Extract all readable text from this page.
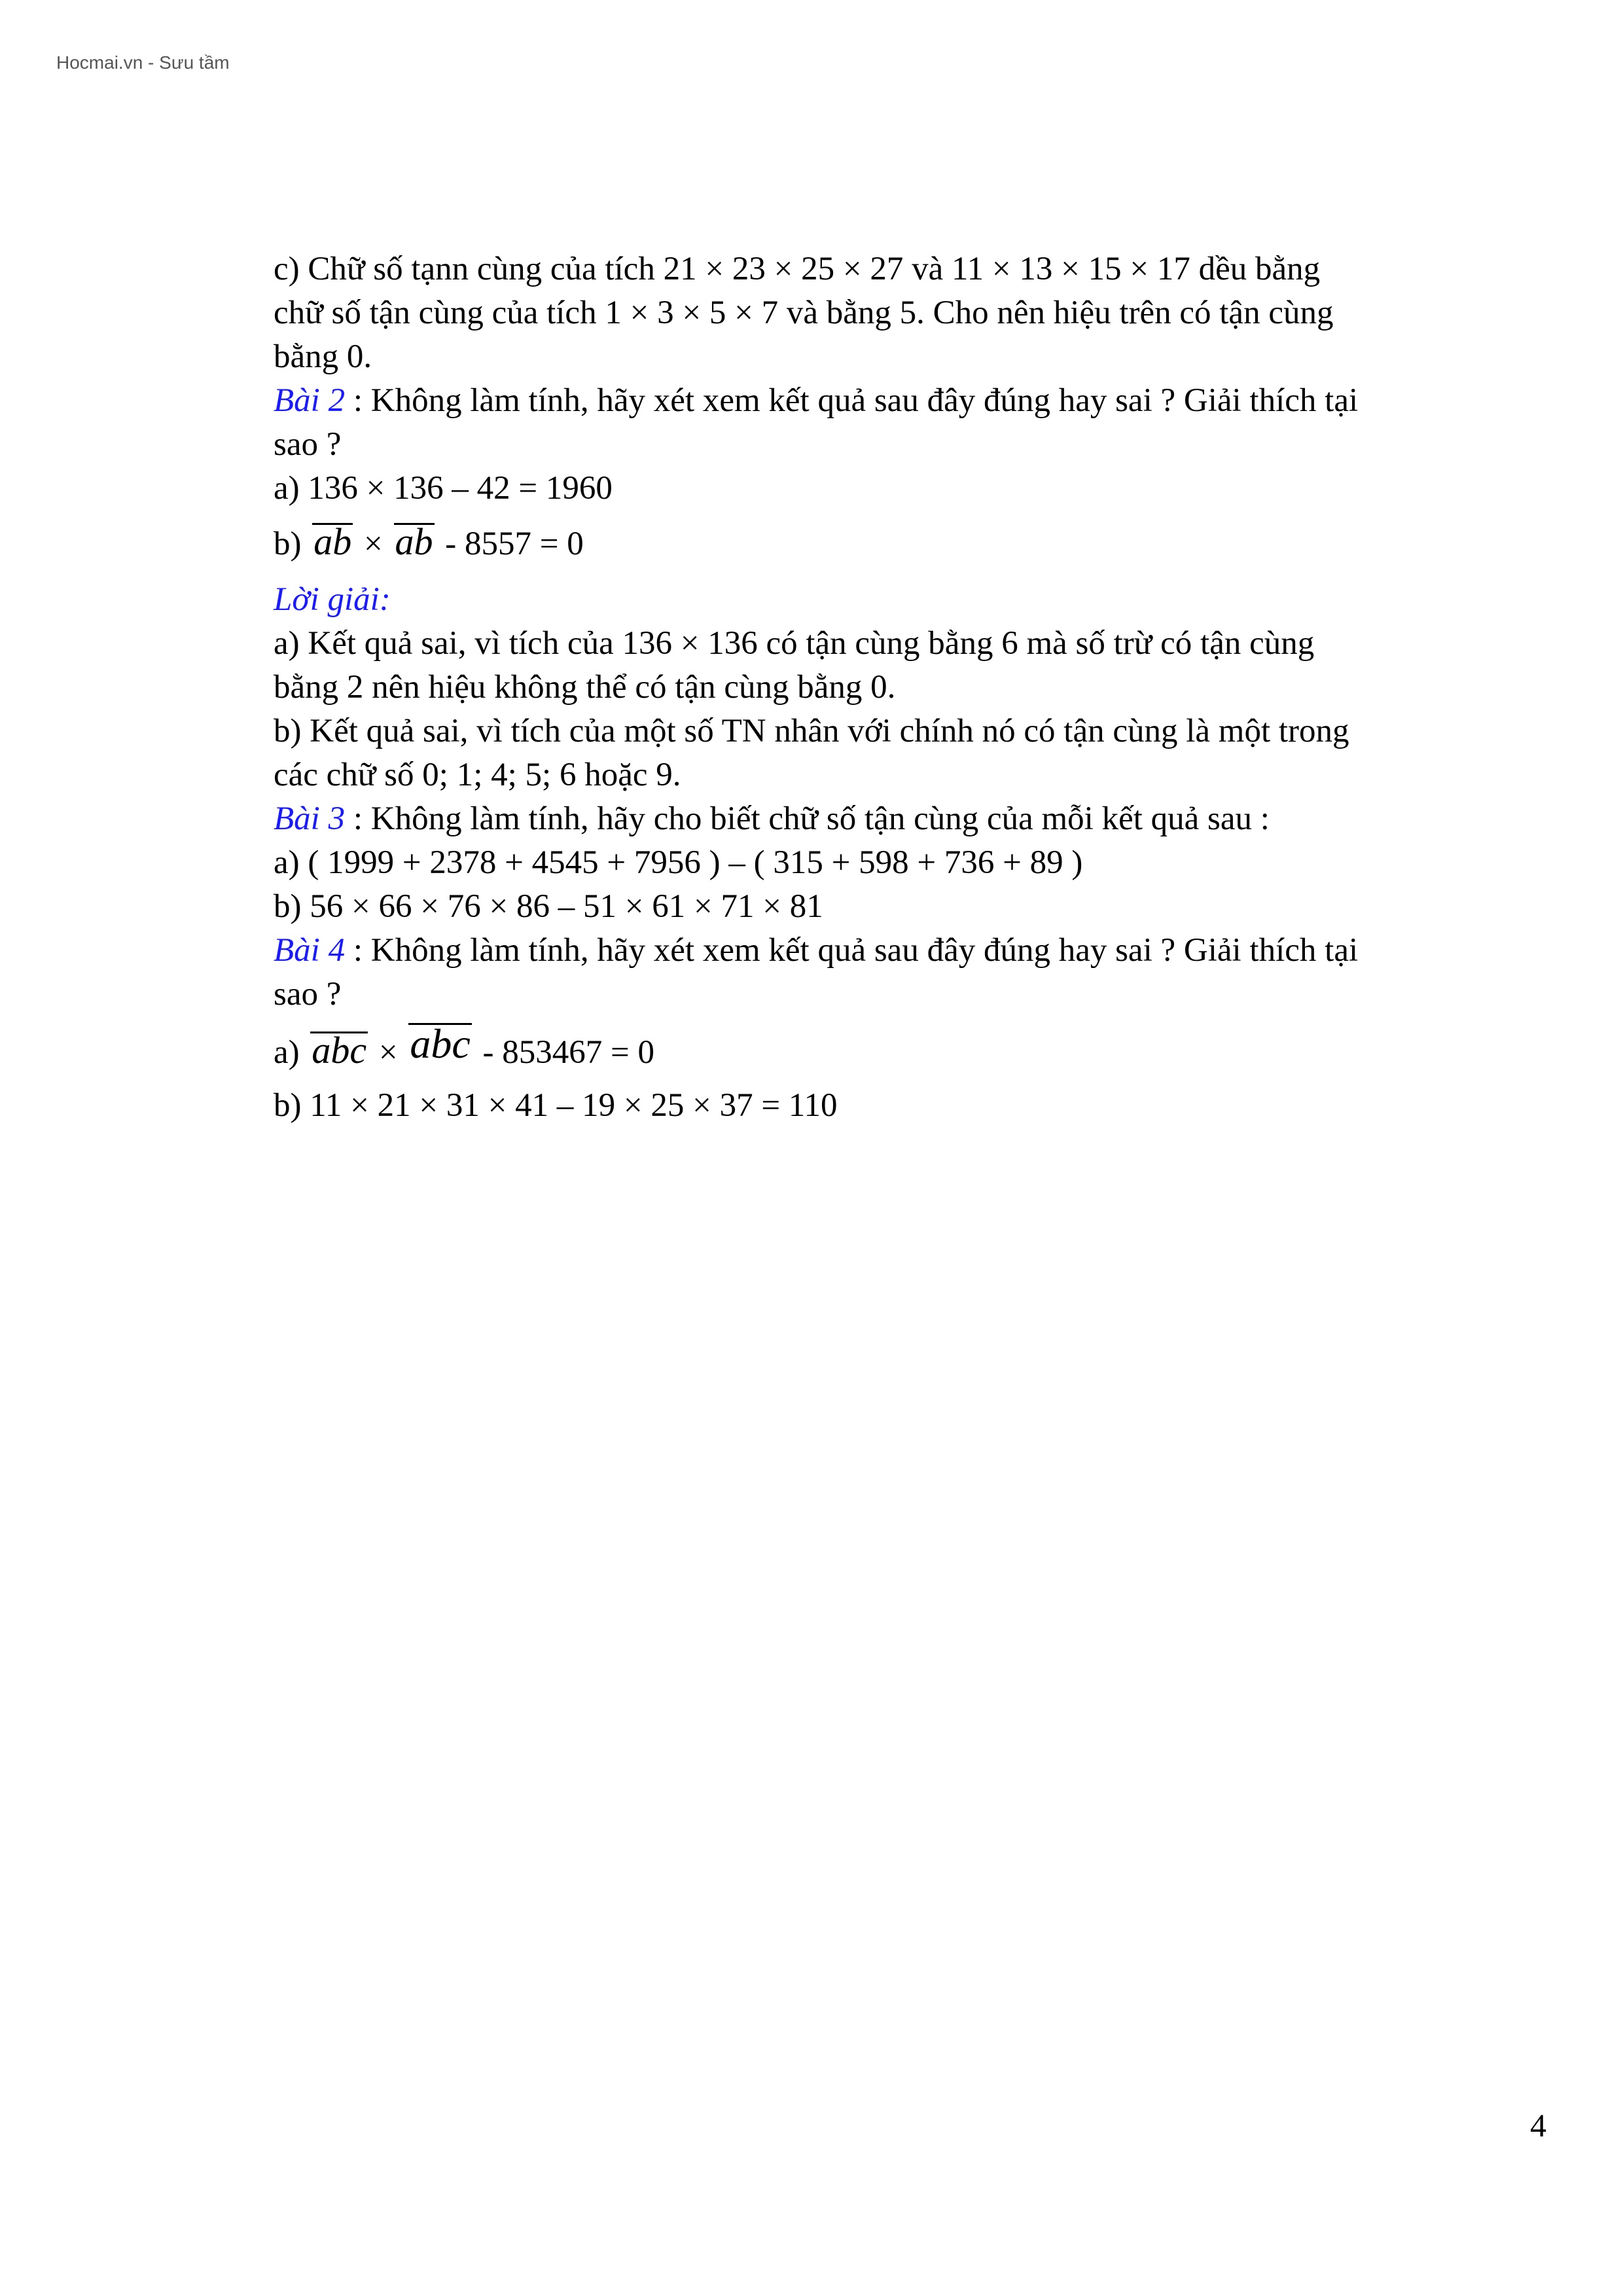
Hocmai.vn - Sưu tầm
c) Chữ số tạnn cùng của tích 21 × 23 × 25 × 27 và 11 × 13 × 15 × 17 dều bằng
chữ số tận cùng của tích 1 × 3 × 5 × 7 và bằng 5. Cho nên hiệu trên có tận cùng
bằng 0.
Bài 2 : Không làm tính, hãy xét xem kết quả sau đây đúng hay sai ? Giải thích tại
sao ?
a) 136 × 136 – 42 = 1960
b) ab × ab - 8557 = 0
Lời giải:
a) Kết quả sai, vì tích của 136 × 136 có tận cùng bằng 6 mà số trừ có tận cùng
bằng 2 nên hiệu không thể có tận cùng bằng 0.
b) Kết quả sai, vì tích của một số TN nhân với chính nó có tận cùng là một trong
các chữ số 0; 1; 4; 5; 6 hoặc 9.
Bài 3 : Không làm tính, hãy cho biết chữ số tận cùng của mỗi kết quả sau :
a) ( 1999 + 2378 + 4545 + 7956 ) – ( 315 + 598 + 736 + 89 )
b) 56 × 66 × 76 × 86 – 51 × 61 × 71 × 81
Bài 4 : Không làm tính, hãy xét xem kết quả sau đây đúng hay sai ? Giải thích tại
sao ?
a) abc × abc - 853467 = 0
b) 11 × 21 × 31 × 41 – 19 × 25 × 37 = 110
4
